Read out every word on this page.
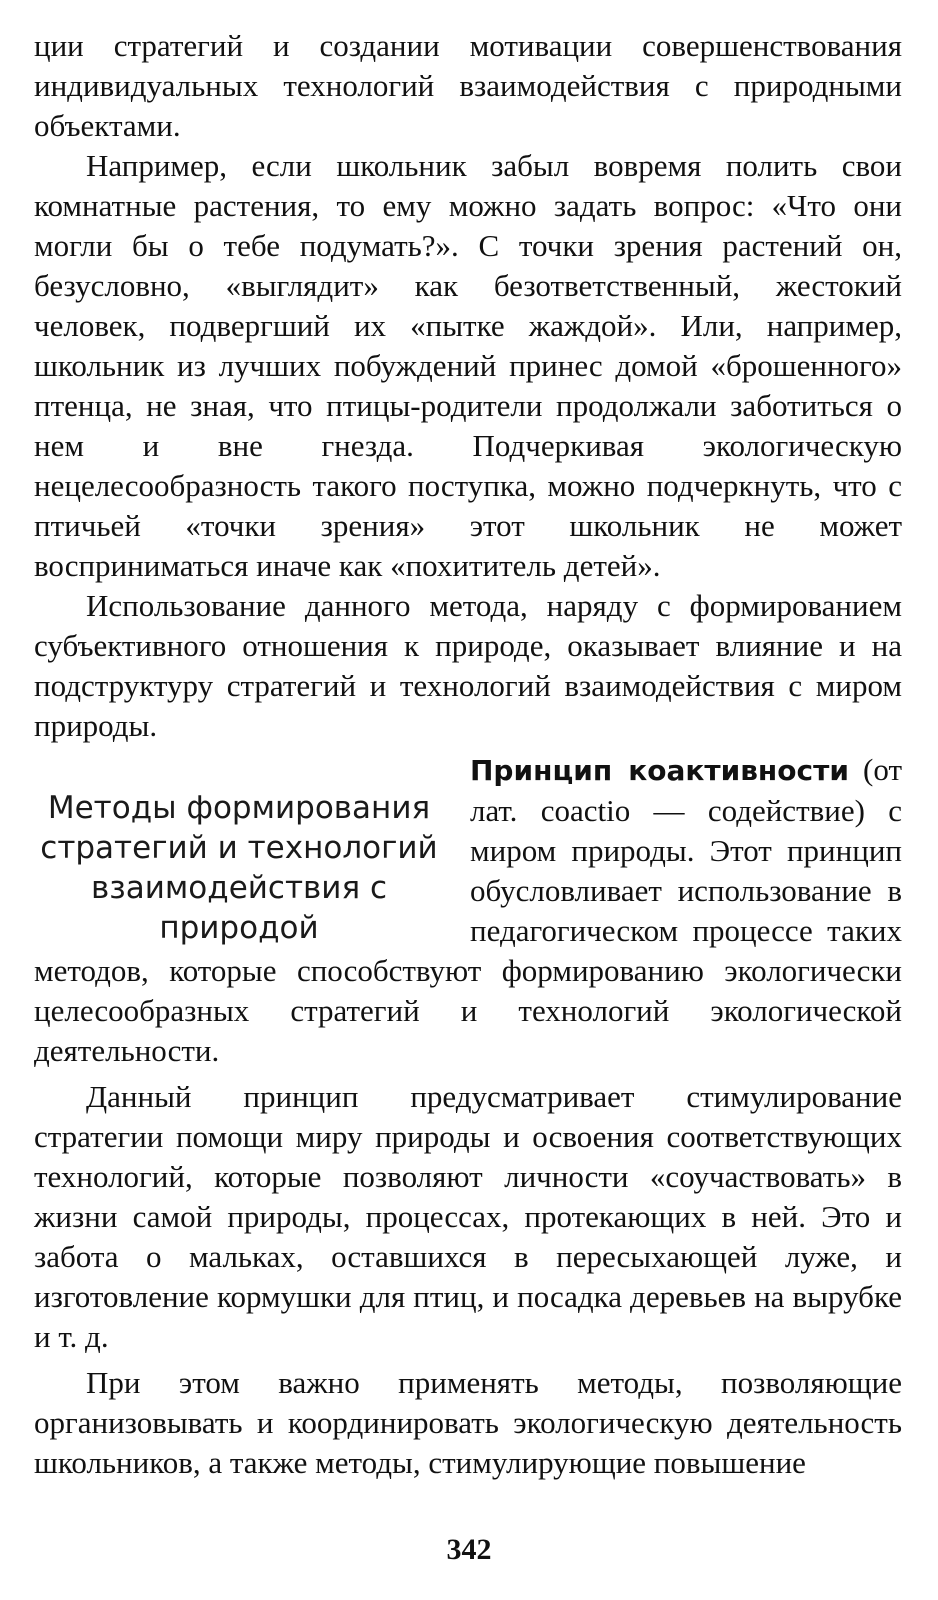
ции стратегий и создании мотивации совершенствования индивидуальных технологий взаимодействия с природными объектами.

Например, если школьник забыл вовремя полить свои комнатные растения, то ему можно задать вопрос: «Что они могли бы о тебе подумать?». С точки зрения растений он, безусловно, «выглядит» как безответственный, жестокий человек, подвергший их «пытке жаждой». Или, например, школьник из лучших побуждений принес домой «брошенного» птенца, не зная, что птицы-родители продолжали заботиться о нем и вне гнезда. Подчеркивая экологическую нецелесообразность такого поступка, можно подчеркнуть, что с птичьей «точки зрения» этот школьник не может восприниматься иначе как «похититель детей».

Использование данного метода, наряду с формированием субъективного отношения к природе, оказывает влияние и на подструктуру стратегий и технологий взаимодействия с миром природы.

Методы формирования стратегий и технологий взаимодействия с природой

Принцип коактивности (от лат. coactio — содействие) с миром природы. Этот принцип обусловливает использование в педагогическом процессе таких методов, которые способствуют формированию экологически целесообразных стратегий и технологий экологической деятельности.

Данный принцип предусматривает стимулирование стратегии помощи миру природы и освоения соответствующих технологий, которые позволяют личности «соучаствовать» в жизни самой природы, процессах, протекающих в ней. Это и забота о мальках, оставшихся в пересыхающей луже, и изготовление кормушки для птиц, и посадка деревьев на вырубке и т. д.

При этом важно применять методы, позволяющие организовывать и координировать экологическую деятельность школьников, а также методы, стимулирующие повышение

342
